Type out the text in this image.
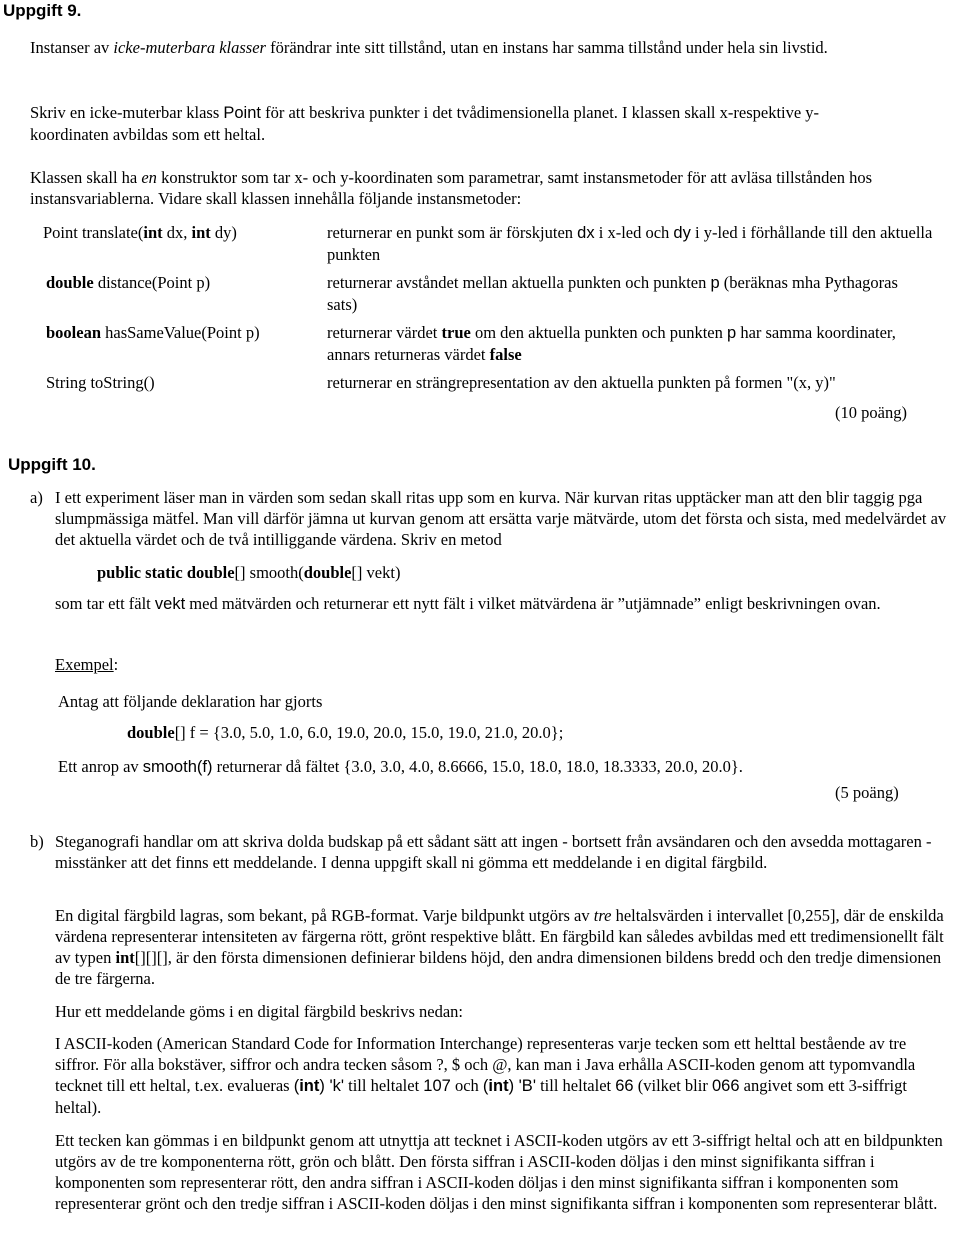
Uppgift 9.

Instanser av icke-muterbara klasser förändrar inte sitt tillstånd, utan en instans har samma tillstånd under hela sin livstid.

Skriv en icke-muterbar klass Point för att beskriva punkter i det tvådimensionella planet. I klassen skall x-respektive y-koordinaten avbildas som ett heltal.

Klassen skall ha en konstruktor som tar x- och y-koordinaten som parametrar, samt instansmetoder för att avläsa tillstånden hos instansvariablerna. Vidare skall klassen innehålla följande instansmetoder:

Point translate(int dx, int dy)	returnerar en punkt som är förskjuten dx i x-led och dy i y-led i förhållande till den aktuella punkten
double distance(Point p)	returnerar avståndet mellan aktuella punkten och punkten p (beräknas mha Pythagoras sats)
boolean hasSameValue(Point p)	returnerar värdet true om den aktuella punkten och punkten p har samma koordinater, annars returneras värdet false
String toString()	returnerar en strängrepresentation av den aktuella punkten på formen "(x, y)"
(10 poäng)
Uppgift 10.
a) I ett experiment läser man in värden som sedan skall ritas upp som en kurva. När kurvan ritas upptäcker man att den blir taggig pga slumpmässiga mätfel. Man vill därför jämna ut kurvan genom att ersätta varje mätvärde, utom det första och sista, med medelvärdet av det aktuella värdet och de två intilliggande värdena. Skriv en metod

public static double[] smooth(double[] vekt)

som tar ett fält vekt med mätvärden och returnerar ett nytt fält i vilket mätvärdena är ”utjämnade” enligt beskrivningen ovan.

Exempel:
Antag att följande deklaration har gjorts
double[] f = {3.0, 5.0, 1.0, 6.0, 19.0, 20.0, 15.0, 19.0, 21.0, 20.0};
Ett anrop av smooth(f) returnerar då fältet {3.0, 3.0, 4.0, 8.6666, 15.0, 18.0, 18.0, 18.3333, 20.0, 20.0}.
(5 poäng)
b) Steganografi handlar om att skriva dolda budskap på ett sådant sätt att ingen - bortsett från avsändaren och den avsedda mottagaren - misstänker att det finns ett meddelande. I denna uppgift skall ni gömma ett meddelande i en digital färgbild.

En digital färgbild lagras, som bekant, på RGB-format. Varje bildpunkt utgörs av tre heltalsvärden i intervallet [0,255], där de enskilda värdena representerar intensiteten av färgerna rött, grönt respektive blått. En färgbild kan således avbildas med ett tredimensionellt fält av typen int[][][], är den första dimensionen definierar bildens höjd, den andra dimensionen bildens bredd och den tredje dimensionen de tre färgerna.

Hur ett meddelande göms i en digital färgbild beskrivs nedan:

I ASCII-koden (American Standard Code for Information Interchange) representeras varje tecken som ett helttal bestående av tre siffror. För alla bokstäver, siffror och andra tecken såsom ?, $ och @, kan man i Java erhålla ASCII-koden genom att typomvandla tecknet till ett heltal, t.ex. evalueras (int) 'k' till heltalet 107 och (int) 'B' till heltalet 66 (vilket blir 066 angivet som ett 3-siffrigt heltal).

Ett tecken kan gömmas i en bildpunkt genom att utnyttja att tecknet i ASCII-koden utgörs av ett 3-siffrigt heltal och att en bildpunkten utgörs av de tre komponenterna rött, grön och blått. Den första siffran i ASCII-koden döljas i den minst signifikanta siffran i komponenten som representerar rött, den andra siffran i ASCII-koden döljas i den minst signifikanta siffran i komponenten som representerar grönt och den tredje siffran i ASCII-koden döljas i den minst signifikanta siffran i komponenten som representerar blått.
